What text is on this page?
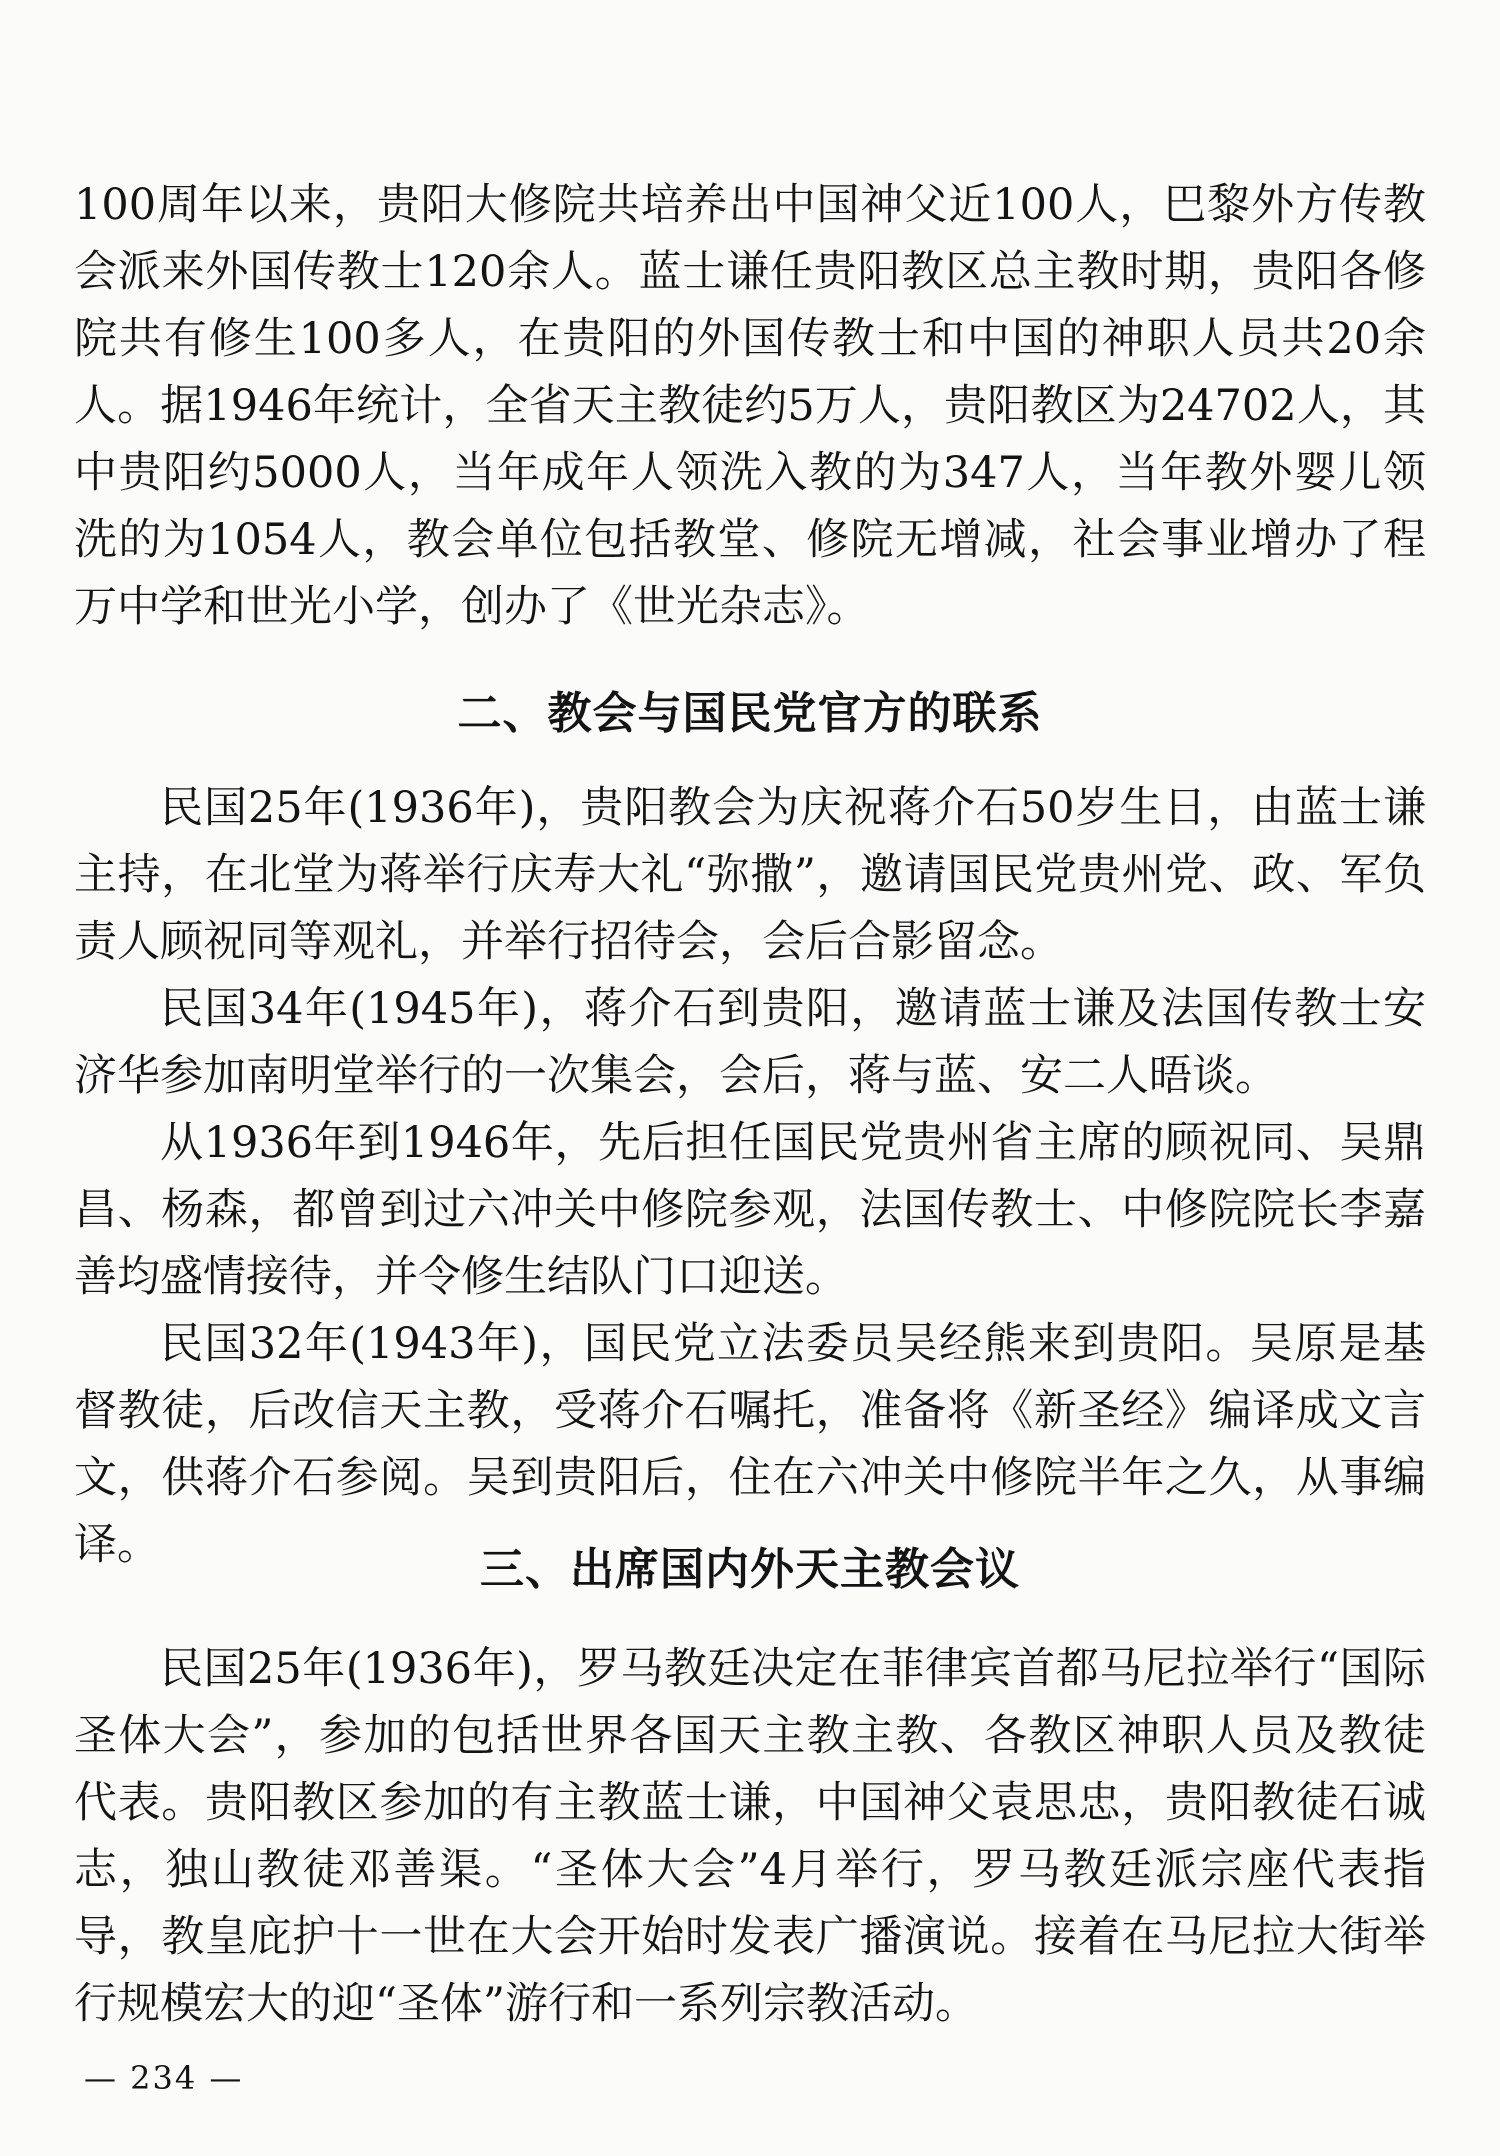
100周年以来，贵阳大修院共培养出中国神父近100人，巴黎外方传教会派来外国传教士120余人。蓝士谦任贵阳教区总主教时期，贵阳各修院共有修生100多人，在贵阳的外国传教士和中国的神职人员共20余人。据1946年统计，全省天主教徒约5万人，贵阳教区为24702人，其中贵阳约5000人，当年成年人领洗入教的为347人，当年教外婴儿领洗的为1054人，教会单位包括教堂、修院无增减，社会事业增办了程万中学和世光小学，创办了《世光杂志》。

二、教会与国民党官方的联系

民国25年(1936年)，贵阳教会为庆祝蒋介石50岁生日，由蓝士谦主持，在北堂为蒋举行庆寿大礼“弥撒”，邀请国民党贵州党、政、军负责人顾祝同等观礼，并举行招待会，会后合影留念。

民国34年(1945年)，蒋介石到贵阳，邀请蓝士谦及法国传教士安济华参加南明堂举行的一次集会，会后，蒋与蓝、安二人晤谈。

从1936年到1946年，先后担任国民党贵州省主席的顾祝同、吴鼎昌、杨森，都曾到过六冲关中修院参观，法国传教士、中修院院长李嘉善均盛情接待，并令修生结队门口迎送。

民国32年(1943年)，国民党立法委员吴经熊来到贵阳。吴原是基督教徒，后改信天主教，受蒋介石嘱托，准备将《新圣经》编译成文言文，供蒋介石参阅。吴到贵阳后，住在六冲关中修院半年之久，从事编译。	三、出席国内外天主教会议

民国25年(1936年)，罗马教廷决定在菲律宾首都马尼拉举行“国际圣体大会”，参加的包括世界各国天主教主教、各教区神职人员及教徒代表。贵阳教区参加的有主教蓝士谦，中国神父袁思忠，贵阳教徒石诚志，独山教徒邓善渠。“圣体大会”4月举行，罗马教廷派宗座代表指导，教皇庇护十一世在大会开始时发表广播演说。接着在马尼拉大街举行规模宏大的迎“圣体”游行和一系列宗教活动。

— 234 —
